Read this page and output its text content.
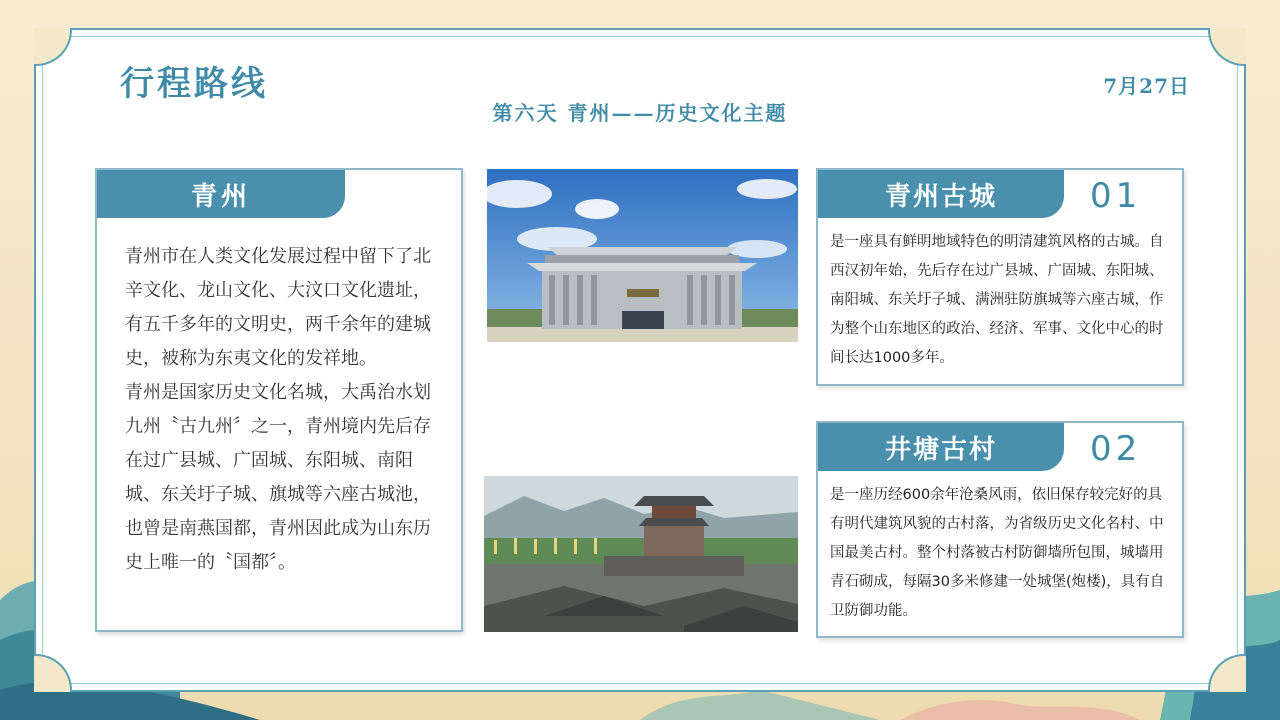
行程路线	7月27日
第六天 青州——历史文化主题
青州

青州市在人类文化发展过程中留下了北辛文化、龙山文化、大汶口文化遗址，有五千多年的文明史，两千余年的建城史，被称为东夷文化的发祥地。

青州是国家历史文化名城，大禹治水划九州〝古九州〞之一，青州境内先后存在过广县城、广固城、东阳城、南阳城、东关圩子城、旗城等六座古城池，也曾是南燕国都，青州因此成为山东历史上唯一的〝国都〞。

青州古城	01
是一座具有鲜明地域特色的明清建筑风格的古城。自西汉初年始，先后存在过广县城、广固城、东阳城、南阳城、东关圩子城、满洲驻防旗城等六座古城，作为整个山东地区的政治、经济、军事、文化中心的时间长达1000多年。
井塘古村	02
是一座历经600余年沧桑风雨，依旧保存较完好的具有明代建筑风貌的古村落，为省级历史文化名村、中国最美古村。整个村落被古村防御墙所包围，城墙用青石砌成，每隔30多米修建一处城堡(炮楼)，具有自卫防御功能。
